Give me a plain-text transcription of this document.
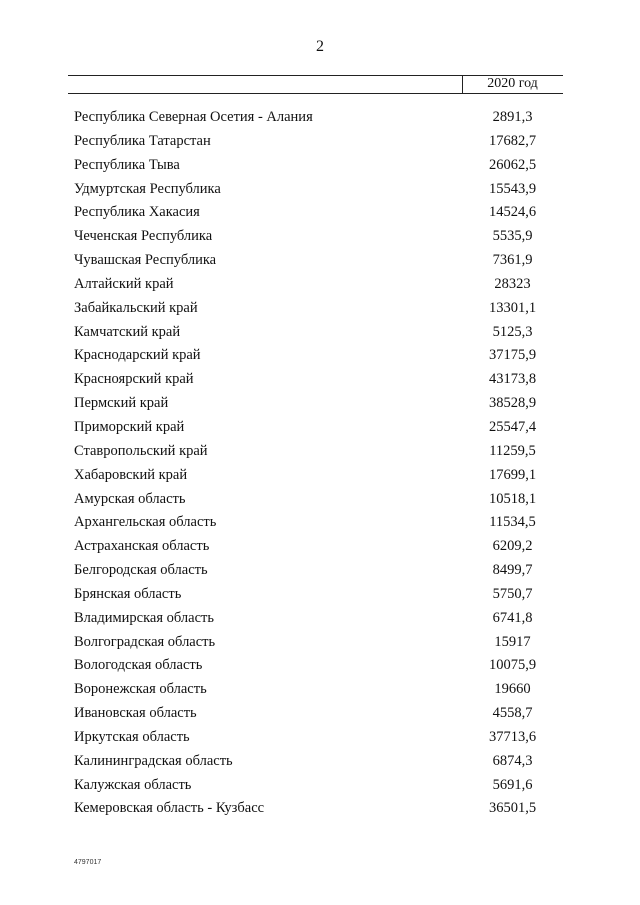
2
2020 год
Республика Северная Осетия - Алания	2891,3
Республика Татарстан	17682,7
Республика Тыва	26062,5
Удмуртская Республика	15543,9
Республика Хакасия	14524,6
Чеченская Республика	5535,9
Чувашская Республика	7361,9
Алтайский край	28323
Забайкальский край	13301,1
Камчатский край	5125,3
Краснодарский край	37175,9
Красноярский край	43173,8
Пермский край	38528,9
Приморский край	25547,4
Ставропольский край	11259,5
Хабаровский край	17699,1
Амурская область	10518,1
Архангельская область	11534,5
Астраханская область	6209,2
Белгородская область	8499,7
Брянская область	5750,7
Владимирская область	6741,8
Волгоградская область	15917
Вологодская область	10075,9
Воронежская область	19660
Ивановская область	4558,7
Иркутская область	37713,6
Калининградская область	6874,3
Калужская область	5691,6
Кемеровская область - Кузбасс	36501,5
4797017
